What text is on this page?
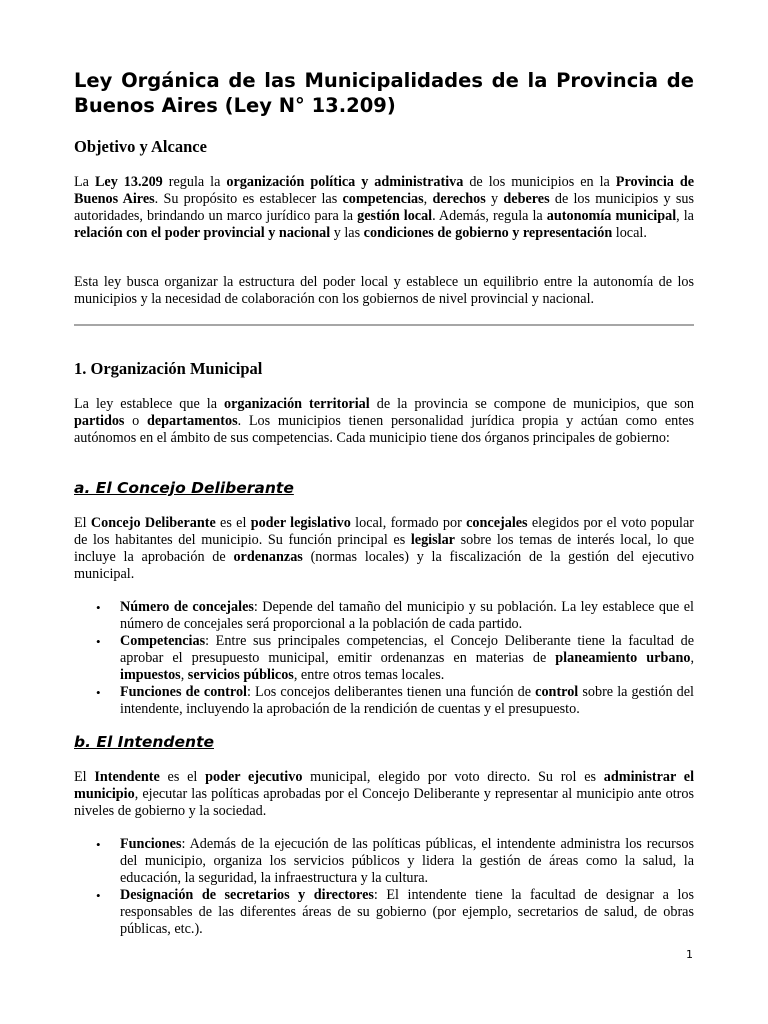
Ley Orgánica de las Municipalidades de la Provincia de Buenos Aires (Ley N° 13.209)
Objetivo y Alcance

La Ley 13.209 regula la organización política y administrativa de los municipios en la Provincia de Buenos Aires. Su propósito es establecer las competencias, derechos y deberes de los municipios y sus autoridades, brindando un marco jurídico para la gestión local. Además, regula la autonomía municipal, la relación con el poder provincial y nacional y las condiciones de gobierno y representación local.

Esta ley busca organizar la estructura del poder local y establece un equilibrio entre la autonomía de los municipios y la necesidad de colaboración con los gobiernos de nivel provincial y nacional.

1. Organización Municipal

La ley establece que la organización territorial de la provincia se compone de municipios, que son partidos o departamentos. Los municipios tienen personalidad jurídica propia y actúan como entes autónomos en el ámbito de sus competencias. Cada municipio tiene dos órganos principales de gobierno:

a. El Concejo Deliberante

El Concejo Deliberante es el poder legislativo local, formado por concejales elegidos por el voto popular de los habitantes del municipio. Su función principal es legislar sobre los temas de interés local, lo que incluye la aprobación de ordenanzas (normas locales) y la fiscalización de la gestión del ejecutivo municipal.

• Número de concejales: Depende del tamaño del municipio y su población. La ley establece que el número de concejales será proporcional a la población de cada partido.
• Competencias: Entre sus principales competencias, el Concejo Deliberante tiene la facultad de aprobar el presupuesto municipal, emitir ordenanzas en materias de planeamiento urbano, impuestos, servicios públicos, entre otros temas locales.
• Funciones de control: Los concejos deliberantes tienen una función de control sobre la gestión del intendente, incluyendo la aprobación de la rendición de cuentas y el presupuesto.
b. El Intendente

El Intendente es el poder ejecutivo municipal, elegido por voto directo. Su rol es administrar el municipio, ejecutar las políticas aprobadas por el Concejo Deliberante y representar al municipio ante otros niveles de gobierno y la sociedad.

• Funciones: Además de la ejecución de las políticas públicas, el intendente administra los recursos del municipio, organiza los servicios públicos y lidera la gestión de áreas como la salud, la educación, la seguridad, la infraestructura y la cultura.
• Designación de secretarios y directores: El intendente tiene la facultad de designar a los responsables de las diferentes áreas de su gobierno (por ejemplo, secretarios de salud, de obras públicas, etc.).
1
